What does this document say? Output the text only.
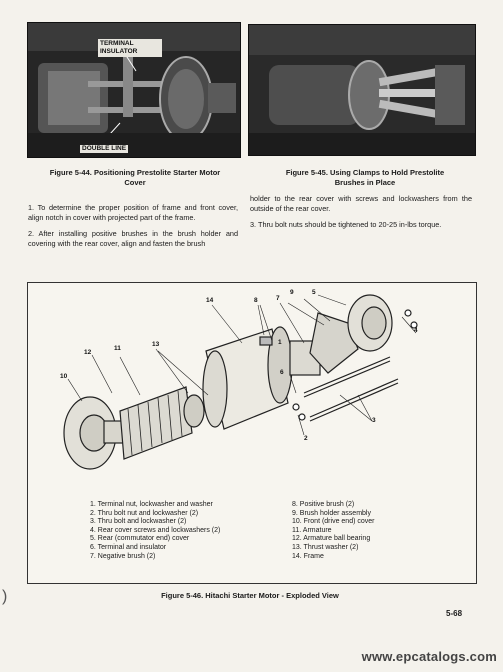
TERMINAL INSULATOR
DOUBLE LINE
Figure 5-44. Positioning Prestolite Starter Motor Cover
Figure 5-45. Using Clamps to Hold Prestolite Brushes in Place

1. To determine the proper position of frame and front cover, align notch in cover with projected part of the frame.

2. After installing positive brushes in the brush holder and covering with the rear cover, align and fasten the brush

holder to the rear cover with screws and lockwashers from the outside of the rear cover.

3. Thru bolt nuts should be tightened to 20-25 in-lbs torque.

10
12
11
13
14	8	7
9	5
6
4
3
2
1
1. Terminal nut, lockwasher and washer
2. Thru bolt nut and lockwasher (2)
3. Thru bolt and lockwasher (2)
4. Rear cover screws and lockwashers (2)
5. Rear (commutator end) cover
6. Terminal and insulator
7. Negative brush (2)
8. Positive brush (2)
9. Brush holder assembly
10. Front (drive end) cover
11. Armature
12. Armature ball bearing
13. Thrust washer (2)
14. Frame
Figure 5-46. Hitachi Starter Motor - Exploded View
5-68
)
www.epcatalogs.com
